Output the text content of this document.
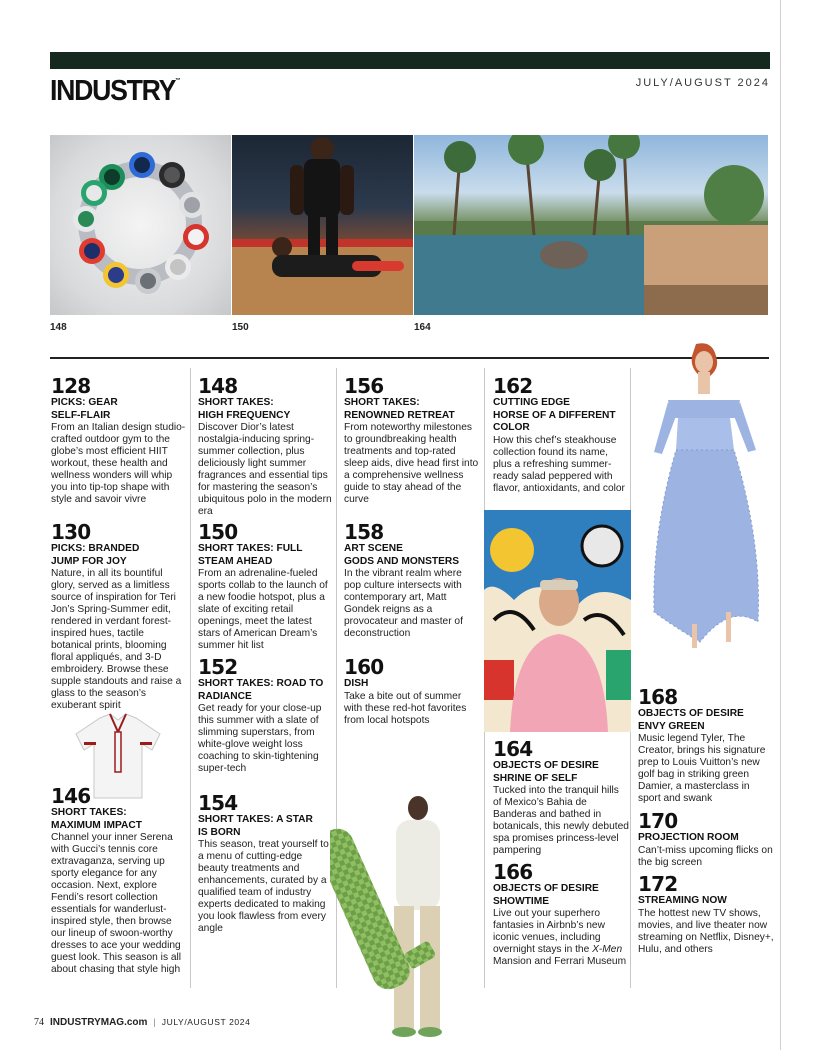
INDUSTRY™	JULY/AUGUST 2024
148	150	164
128
PICKS: GEAR
SELF-FLAIR
From an Italian design studio-crafted outdoor gym to the globe’s most efficient HIIT workout, these health and wellness wonders will whip you into tip-top shape with style and savoir vivre
130
PICKS: BRANDED
JUMP FOR JOY
Nature, in all its bountiful glory, served as a limitless source of inspiration for Teri Jon’s Spring-Summer edit, rendered in verdant forest-inspired hues, tactile botanical prints, blooming floral appliqués, and 3-D embroidery. Browse these supple standouts and raise a glass to the season’s exuberant spirit
146
SHORT TAKES:
MAXIMUM IMPACT
Channel your inner Serena with Gucci’s tennis core extravaganza, serving up sporty elegance for any occasion. Next, explore Fendi’s resort collection essentials for wanderlust-inspired style, then browse our lineup of swoon-worthy dresses to ace your wedding guest look. This season is all about chasing that style high
148
SHORT TAKES:
HIGH FREQUENCY
Discover Dior’s latest nostalgia-inducing spring-summer collection, plus deliciously light summer fragrances and essential tips for mastering the season’s ubiquitous polo in the modern era
150
SHORT TAKES: FULL
STEAM AHEAD
From an adrenaline-fueled sports collab to the launch of a new foodie hotspot, plus a slate of exciting retail openings, meet the latest stars of American Dream’s summer hit list
152
SHORT TAKES: ROAD TO
RADIANCE
Get ready for your close-up this summer with a slate of slimming superstars, from white-glove weight loss coaching to skin-tightening super-tech
154
SHORT TAKES: A STAR
IS BORN
This season, treat yourself to a menu of cutting-edge beauty treatments and enhancements, curated by a qualified team of industry experts dedicated to making you look flawless from every angle
156
SHORT TAKES:
RENOWNED RETREAT
From noteworthy milestones to groundbreaking health treatments and top-rated sleep aids, dive head first into a comprehensive wellness guide to stay ahead of the curve
158
ART SCENE
GODS AND MONSTERS
In the vibrant realm where pop culture intersects with contemporary art, Matt Gondek reigns as a provocateur and master of deconstruction
160
DISH
Take a bite out of summer with these red-hot favorites from local hotspots
162
CUTTING EDGE
HORSE OF A DIFFERENT COLOR
How this chef’s steakhouse collection found its name, plus a refreshing summer-ready salad peppered with flavor, antioxidants, and color
164
OBJECTS OF DESIRE
SHRINE OF SELF
Tucked into the tranquil hills of Mexico’s Bahia de Banderas and bathed in botanicals, this newly debuted spa promises princess-level pampering
166
OBJECTS OF DESIRE
SHOWTIME
Live out your superhero fantasies in Airbnb’s new iconic venues, including overnight stays in the X-Men Mansion and Ferrari Museum
168
OBJECTS OF DESIRE
ENVY GREEN
Music legend Tyler, The Creator, brings his signature prep to Louis Vuitton’s new golf bag in striking green Damier, a masterclass in sport and swank
170
PROJECTION ROOM
Can’t-miss upcoming flicks on the big screen
172
STREAMING NOW
The hottest new TV shows, movies, and live theater now streaming on Netflix, Disney+, Hulu, and others
74 INDUSTRYMAG.com | JULY/AUGUST 2024
